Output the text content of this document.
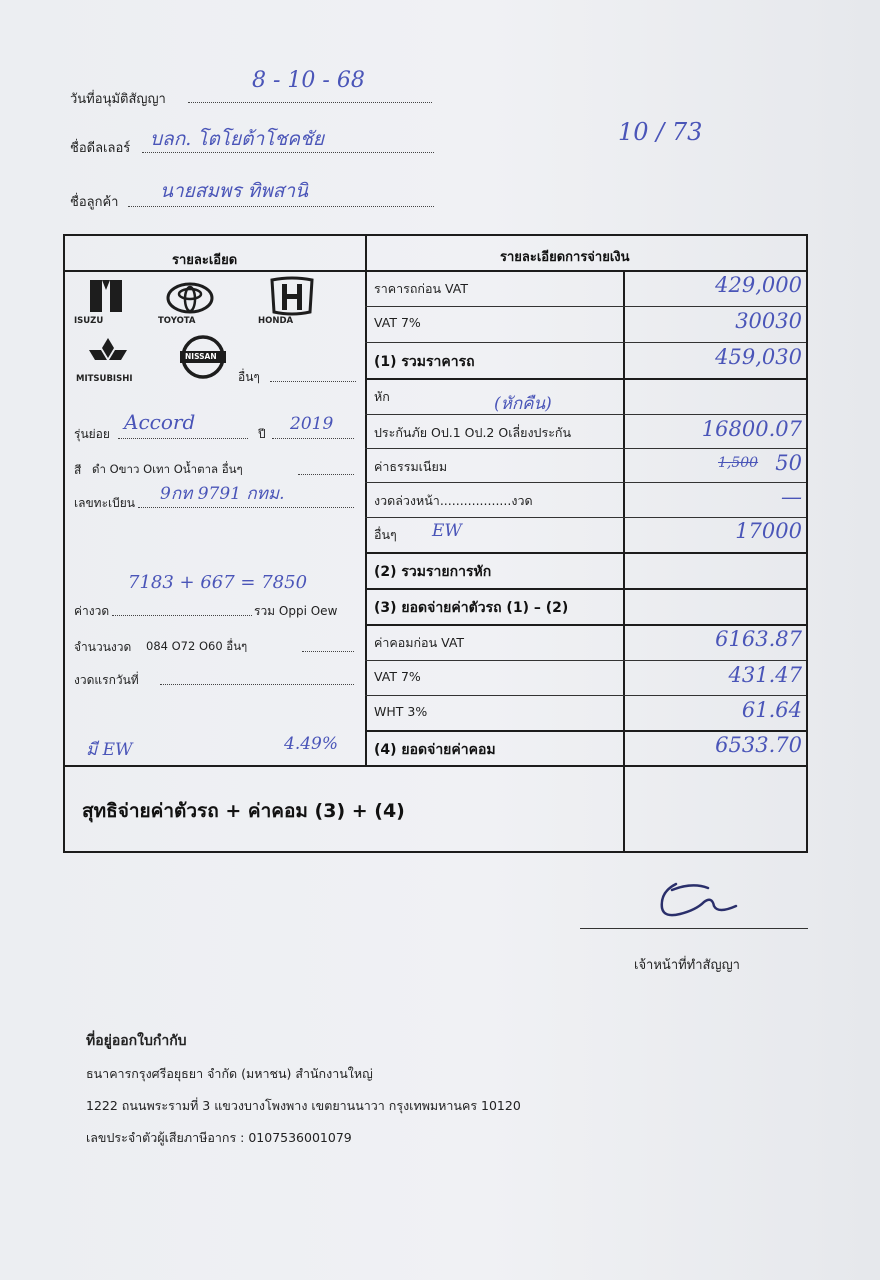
วันที่อนุมัติสัญญา
8 - 10 - 68
ชื่อดีลเลอร์ บลก. โตโยต้าโชคชัย	10 / 73
ชื่อลูกค้า
นายสมพร ทิพสานิ
รายละเอียด	รายละเอียดการจ่ายเงิน
ISUZU	TOYOTA	HONDA
MITSUBISHI
NISSAN
อื่นๆ
รุ่นย่อย Accord	ปี 2019
สี ดำ Oขาว Oเทา Oน้ำตาล อื่นๆ
เลขทะเบียน 9กท 9791 กทม.
ค่างวด
7183 + 667 = 7850
รวม Oppi Oew
จำนวนงวด 084 O72 O60 อื่นๆ
งวดแรกวันที่
มี EW	4.49%
ราคารถก่อน VAT	429,000
VAT 7%	30030
(1) รวมราคารถ	459,030
หัก	(หักคืน)
ประกันภัย Oป.1 Oป.2 Oเลี่ยงประกัน	16800.07
ค่าธรรมเนียม	50
1,500
งวดล่วงหน้า..................งวด	—
อื่นๆ	17000
EW
(2) รวมรายการหัก
(3) ยอดจ่ายค่าตัวรถ (1) – (2)
ค่าคอมก่อน VAT	6163.87
VAT 7%	431.47
WHT 3%	61.64
(4) ยอดจ่ายค่าคอม	6533.70
สุทธิจ่ายค่าตัวรถ + ค่าคอม (3) + (4)
เจ้าหน้าที่ทำสัญญา
ที่อยู่ออกใบกำกับ
ธนาคารกรุงศรีอยุธยา จำกัด (มหาชน) สำนักงานใหญ่
1222 ถนนพระรามที่ 3 แขวงบางโพงพาง เขตยานนาวา กรุงเทพมหานคร 10120
เลขประจำตัวผู้เสียภาษีอากร : 0107536001079
